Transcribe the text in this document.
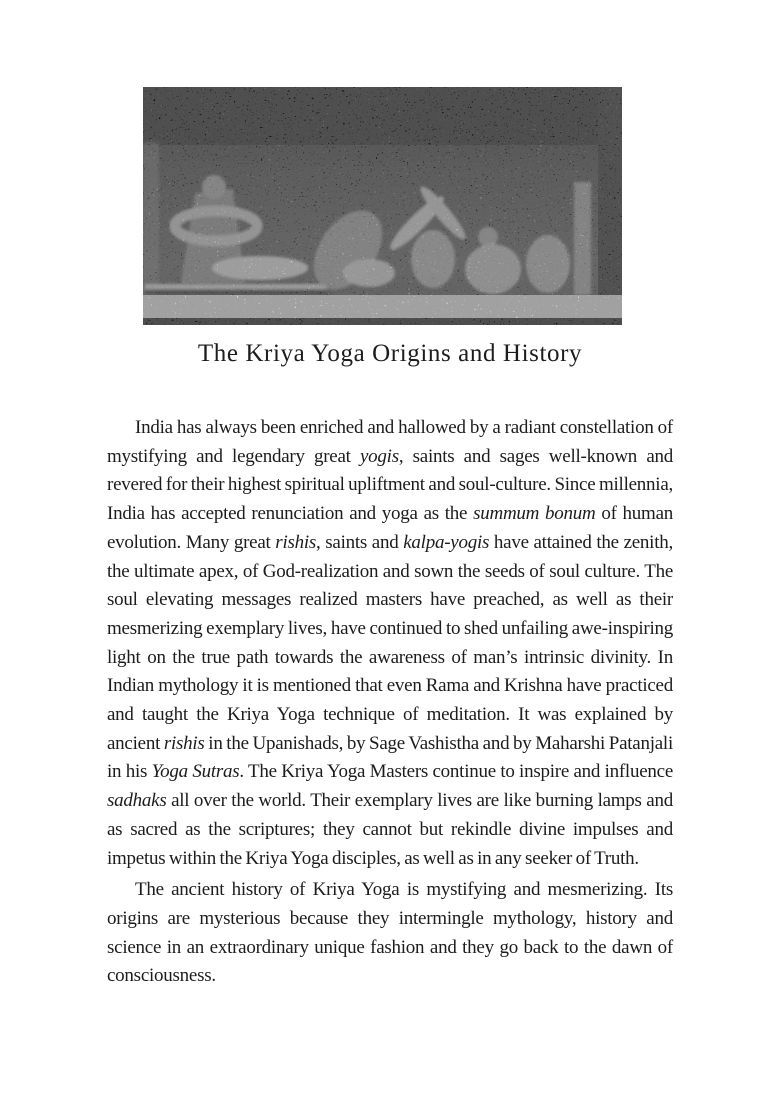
The Kriya Yoga Origins and History

India has always been enriched and hallowed by a radiant constellation of mystifying and legendary great yogis, saints and sages well-known and revered for their highest spiritual upliftment and soul-culture. Since millennia, India has accepted renunciation and yoga as the summum bonum of human evolution. Many great rishis, saints and kalpa-yogis have attained the zenith, the ultimate apex, of God-realization and sown the seeds of soul culture. The soul elevating messages realized masters have preached, as well as their mesmerizing exemplary lives, have continued to shed unfailing awe-inspiring light on the true path towards the awareness of man’s intrinsic divinity. In Indian mythology it is mentioned that even Rama and Krishna have practiced and taught the Kriya Yoga technique of meditation. It was explained by ancient rishis in the Upanishads, by Sage Vashistha and by Maharshi Patanjali in his Yoga Sutras. The Kriya Yoga Masters continue to inspire and influence sadhaks all over the world. Their exemplary lives are like burning lamps and as sacred as the scriptures; they cannot but rekindle divine impulses and impetus within the Kriya Yoga disciples, as well as in any seeker of Truth.

The ancient history of Kriya Yoga is mystifying and mesmerizing. Its origins are mysterious because they intermingle mythology, history and science in an extraordinary unique fashion and they go back to the dawn of consciousness.
